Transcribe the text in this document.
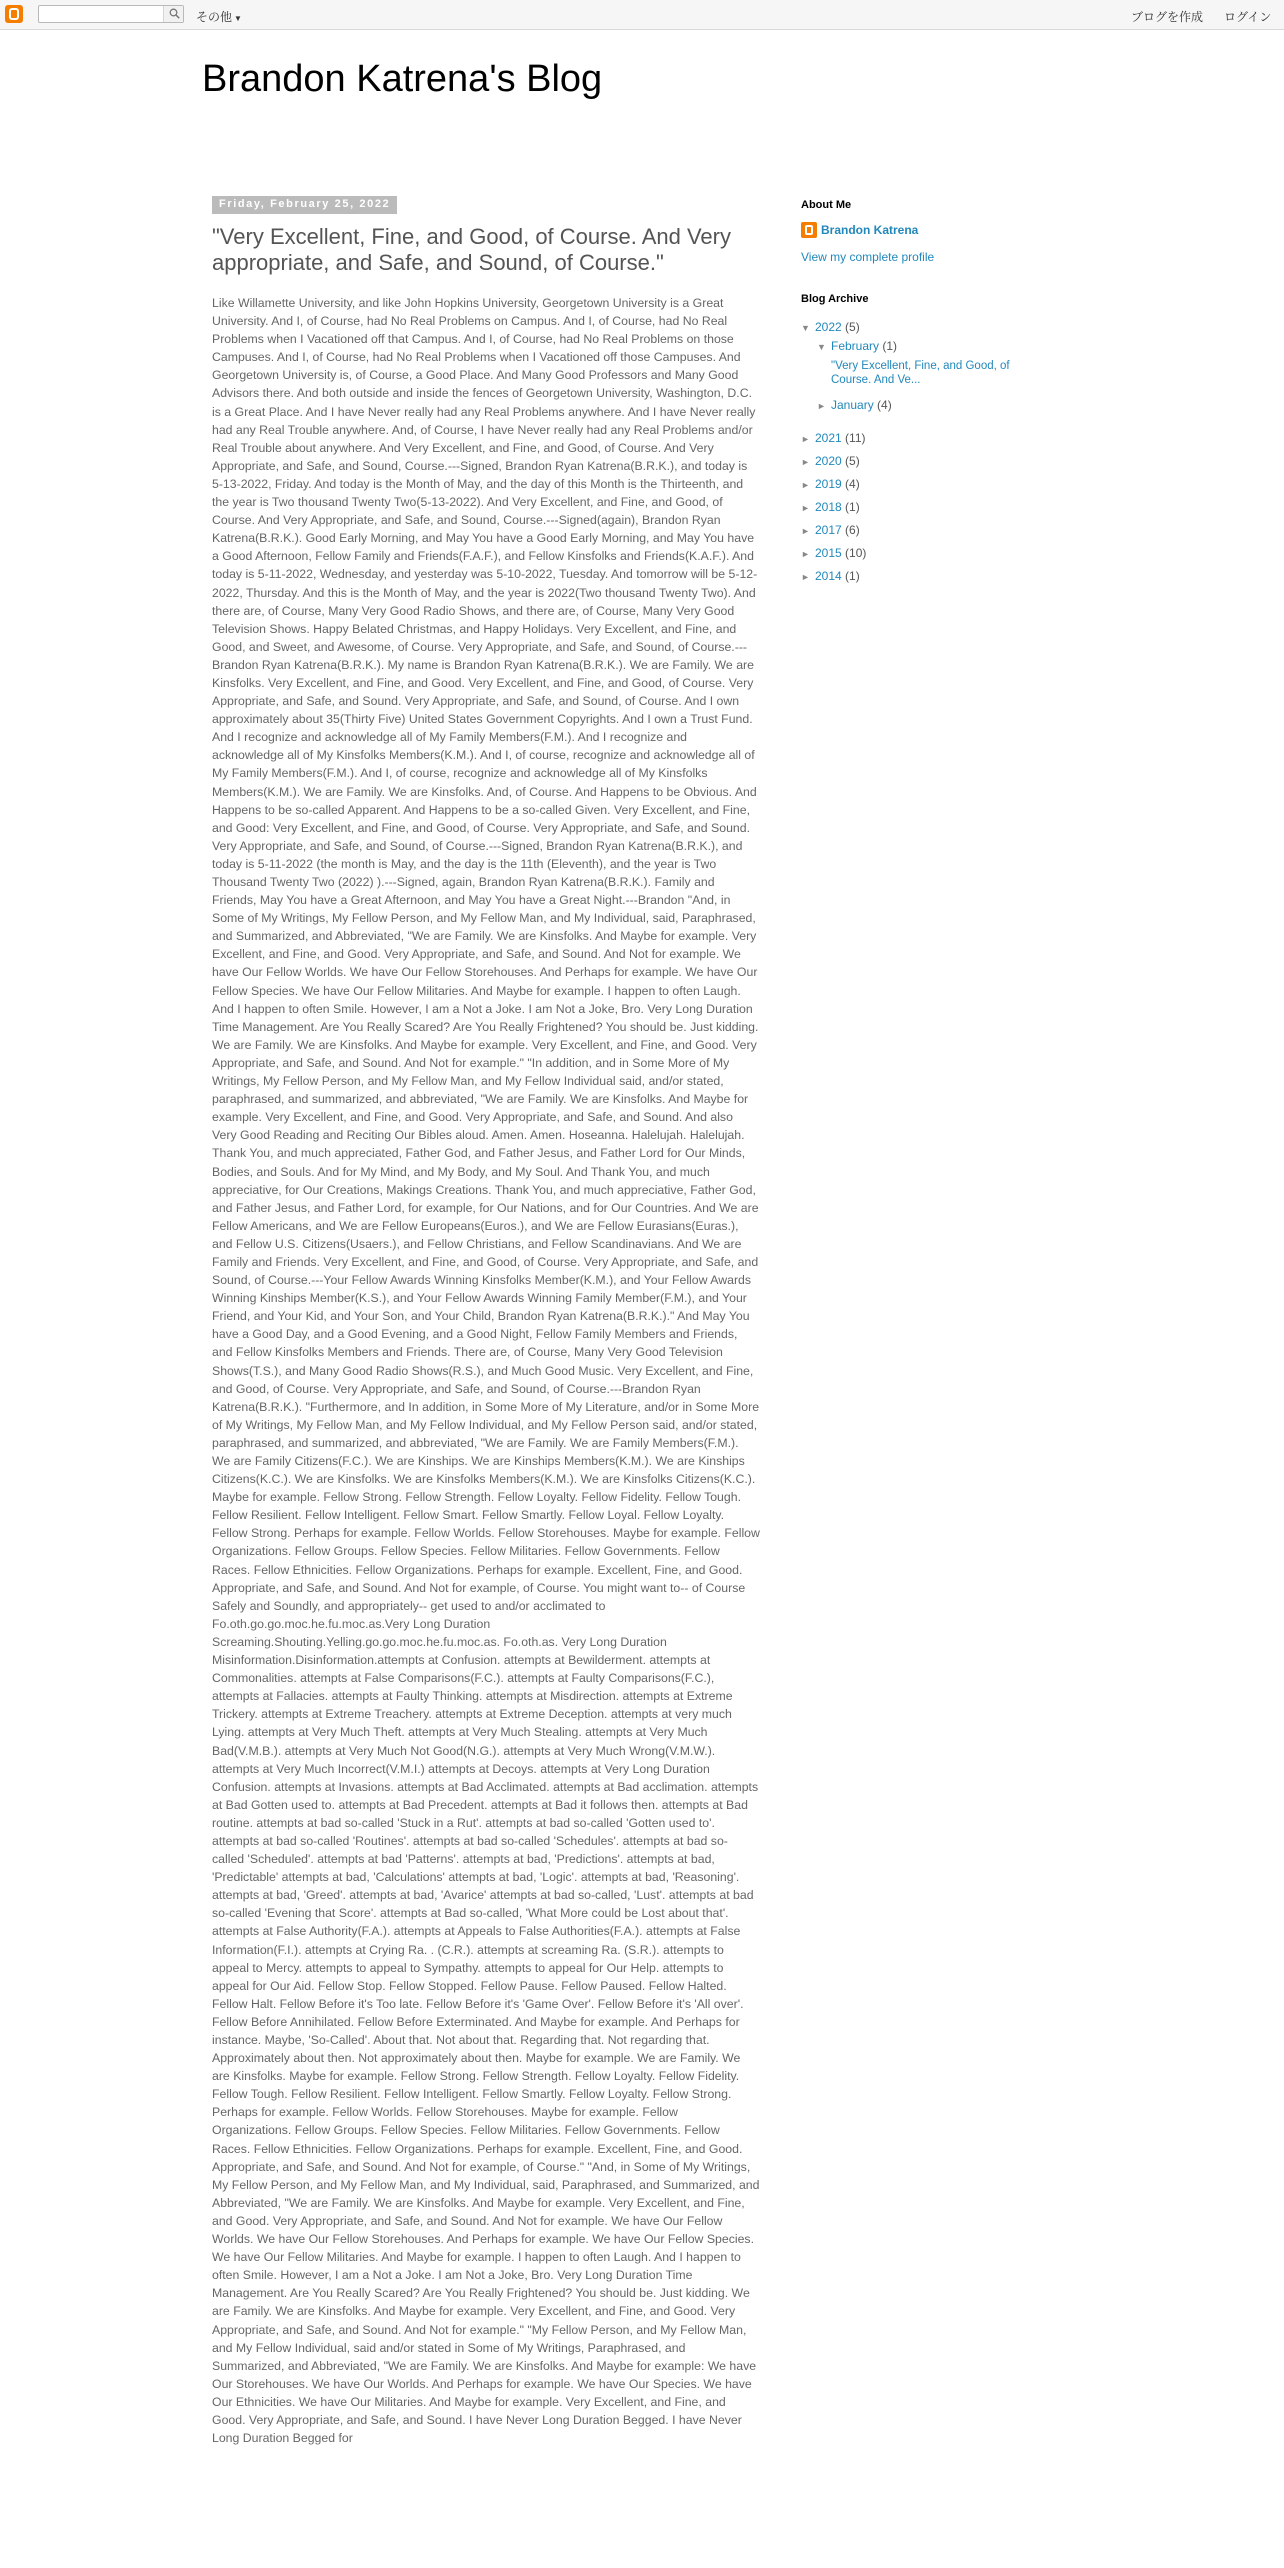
その他 ▼	ブログを作成 ログイン
Brandon Katrena's Blog
Friday, February 25, 2022
"Very Excellent, Fine, and Good, of Course. And Very appropriate, and Safe, and Sound, of Course."
Like Willamette University, and like John Hopkins University, Georgetown University is a Great University. And I, of Course, had No Real Problems on Campus. And I, of Course, had No Real Problems when I Vacationed off that Campus. And I, of Course, had No Real Problems on those Campuses. And I, of Course, had No Real Problems when I Vacationed off those Campuses. And Georgetown University is, of Course, a Good Place. And Many Good Professors and Many Good Advisors there. And both outside and inside the fences of Georgetown University, Washington, D.C. is a Great Place. And I have Never really had any Real Problems anywhere. And I have Never really had any Real Trouble anywhere. And, of Course, I have Never really had any Real Problems and/or Real Trouble about anywhere. And Very Excellent, and Fine, and Good, of Course. And Very Appropriate, and Safe, and Sound, Course.---Signed, Brandon Ryan Katrena(B.R.K.), and today is 5-13-2022, Friday. And today is the Month of May, and the day of this Month is the Thirteenth, and the year is Two thousand Twenty Two(5-13-2022). And Very Excellent, and Fine, and Good, of Course. And Very Appropriate, and Safe, and Sound, Course.---Signed(again), Brandon Ryan Katrena(B.R.K.). Good Early Morning, and May You have a Good Early Morning, and May You have a Good Afternoon, Fellow Family and Friends(F.A.F.), and Fellow Kinsfolks and Friends(K.A.F.). And today is 5-11-2022, Wednesday, and yesterday was 5-10-2022, Tuesday. And tomorrow will be 5-12-2022, Thursday. And this is the Month of May, and the year is 2022(Two thousand Twenty Two). And there are, of Course, Many Very Good Radio Shows, and there are, of Course, Many Very Good Television Shows. Happy Belated Christmas, and Happy Holidays. Very Excellent, and Fine, and Good, and Sweet, and Awesome, of Course. Very Appropriate, and Safe, and Sound, of Course.---Brandon Ryan Katrena(B.R.K.). My name is Brandon Ryan Katrena(B.R.K.). We are Family. We are Kinsfolks. Very Excellent, and Fine, and Good. Very Excellent, and Fine, and Good, of Course. Very Appropriate, and Safe, and Sound. Very Appropriate, and Safe, and Sound, of Course. And I own approximately about 35(Thirty Five) United States Government Copyrights. And I own a Trust Fund. And I recognize and acknowledge all of My Family Members(F.M.). And I recognize and acknowledge all of My Kinsfolks Members(K.M.). And I, of course, recognize and acknowledge all of My Family Members(F.M.). And I, of course, recognize and acknowledge all of My Kinsfolks Members(K.M.). We are Family. We are Kinsfolks. And, of Course. And Happens to be Obvious. And Happens to be so-called Apparent. And Happens to be a so-called Given. Very Excellent, and Fine, and Good: Very Excellent, and Fine, and Good, of Course. Very Appropriate, and Safe, and Sound. Very Appropriate, and Safe, and Sound, of Course.---Signed, Brandon Ryan Katrena(B.R.K.), and today is 5-11-2022 (the month is May, and the day is the 11th (Eleventh), and the year is Two Thousand Twenty Two (2022) ).---Signed, again, Brandon Ryan Katrena(B.R.K.). Family and Friends, May You have a Great Afternoon, and May You have a Great Night.---Brandon "And, in Some of My Writings, My Fellow Person, and My Fellow Man, and My Individual, said, Paraphrased, and Summarized, and Abbreviated, "We are Family. We are Kinsfolks. And Maybe for example. Very Excellent, and Fine, and Good. Very Appropriate, and Safe, and Sound. And Not for example. We have Our Fellow Worlds. We have Our Fellow Storehouses. And Perhaps for example. We have Our Fellow Species. We have Our Fellow Militaries. And Maybe for example. I happen to often Laugh. And I happen to often Smile. However, I am a Not a Joke. I am Not a Joke, Bro. Very Long Duration Time Management. Are You Really Scared? Are You Really Frightened? You should be. Just kidding. We are Family. We are Kinsfolks. And Maybe for example. Very Excellent, and Fine, and Good. Very Appropriate, and Safe, and Sound. And Not for example." "In addition, and in Some More of My Writings, My Fellow Person, and My Fellow Man, and My Fellow Individual said, and/or stated, paraphrased, and summarized, and abbreviated, "We are Family. We are Kinsfolks. And Maybe for example. Very Excellent, and Fine, and Good. Very Appropriate, and Safe, and Sound. And also Very Good Reading and Reciting Our Bibles aloud. Amen. Amen. Hoseanna. Halelujah. Halelujah. Thank You, and much appreciated, Father God, and Father Jesus, and Father Lord for Our Minds, Bodies, and Souls. And for My Mind, and My Body, and My Soul. And Thank You, and much appreciative, for Our Creations, Makings Creations. Thank You, and much appreciative, Father God, and Father Jesus, and Father Lord, for example, for Our Nations, and for Our Countries. And We are Fellow Americans, and We are Fellow Europeans(Euros.), and We are Fellow Eurasians(Euras.), and Fellow U.S. Citizens(Usaers.), and Fellow Christians, and Fellow Scandinavians. And We are Family and Friends. Very Excellent, and Fine, and Good, of Course. Very Appropriate, and Safe, and Sound, of Course.---Your Fellow Awards Winning Kinsfolks Member(K.M.), and Your Fellow Awards Winning Kinships Member(K.S.), and Your Fellow Awards Winning Family Member(F.M.), and Your Friend, and Your Kid, and Your Son, and Your Child, Brandon Ryan Katrena(B.R.K.)." And May You have a Good Day, and a Good Evening, and a Good Night, Fellow Family Members and Friends, and Fellow Kinsfolks Members and Friends. There are, of Course, Many Very Good Television Shows(T.S.), and Many Good Radio Shows(R.S.), and Much Good Music. Very Excellent, and Fine, and Good, of Course. Very Appropriate, and Safe, and Sound, of Course.---Brandon Ryan Katrena(B.R.K.). "Furthermore, and In addition, in Some More of My Literature, and/or in Some More of My Writings, My Fellow Man, and My Fellow Individual, and My Fellow Person said, and/or stated, paraphrased, and summarized, and abbreviated, "We are Family. We are Family Members(F.M.). We are Family Citizens(F.C.). We are Kinships. We are Kinships Members(K.M.). We are Kinships Citizens(K.C.). We are Kinsfolks. We are Kinsfolks Members(K.M.). We are Kinsfolks Citizens(K.C.). Maybe for example. Fellow Strong. Fellow Strength. Fellow Loyalty. Fellow Fidelity. Fellow Tough. Fellow Resilient. Fellow Intelligent. Fellow Smart. Fellow Smartly. Fellow Loyal. Fellow Loyalty. Fellow Strong. Perhaps for example. Fellow Worlds. Fellow Storehouses. Maybe for example. Fellow Organizations. Fellow Groups. Fellow Species. Fellow Militaries. Fellow Governments. Fellow Races. Fellow Ethnicities. Fellow Organizations. Perhaps for example. Excellent, Fine, and Good. Appropriate, and Safe, and Sound. And Not for example, of Course. You might want to-- of Course Safely and Soundly, and appropriately-- get used to and/or acclimated to Fo.oth.go.go.moc.he.fu.moc.as.Very Long Duration Screaming.Shouting.Yelling.go.go.moc.he.fu.moc.as. Fo.oth.as. Very Long Duration Misinformation.Disinformation.attempts at Confusion. attempts at Bewilderment. attempts at Commonalities. attempts at False Comparisons(F.C.). attempts at Faulty Comparisons(F.C.), attempts at Fallacies. attempts at Faulty Thinking. attempts at Misdirection. attempts at Extreme Trickery. attempts at Extreme Treachery. attempts at Extreme Deception. attempts at very much Lying. attempts at Very Much Theft. attempts at Very Much Stealing. attempts at Very Much Bad(V.M.B.). attempts at Very Much Not Good(N.G.). attempts at Very Much Wrong(V.M.W.). attempts at Very Much Incorrect(V.M.I.) attempts at Decoys. attempts at Very Long Duration Confusion. attempts at Invasions. attempts at Bad Acclimated. attempts at Bad acclimation. attempts at Bad Gotten used to. attempts at Bad Precedent. attempts at Bad it follows then. attempts at Bad routine. attempts at bad so-called 'Stuck in a Rut'. attempts at bad so-called 'Gotten used to'. attempts at bad so-called 'Routines'. attempts at bad so-called 'Schedules'. attempts at bad so-called 'Scheduled'. attempts at bad 'Patterns'. attempts at bad, 'Predictions'. attempts at bad, 'Predictable' attempts at bad, 'Calculations' attempts at bad, 'Logic'. attempts at bad, 'Reasoning'. attempts at bad, 'Greed'. attempts at bad, 'Avarice' attempts at bad so-called, 'Lust'. attempts at bad so-called 'Evening that Score'. attempts at Bad so-called, 'What More could be Lost about that'. attempts at False Authority(F.A.). attempts at Appeals to False Authorities(F.A.). attempts at False Information(F.I.). attempts at Crying Ra. . (C.R.). attempts at screaming Ra. (S.R.). attempts to appeal to Mercy. attempts to appeal to Sympathy. attempts to appeal for Our Help. attempts to appeal for Our Aid. Fellow Stop. Fellow Stopped. Fellow Pause. Fellow Paused. Fellow Halted. Fellow Halt. Fellow Before it's Too late. Fellow Before it's 'Game Over'. Fellow Before it's 'All over'. Fellow Before Annihilated. Fellow Before Exterminated. And Maybe for example. And Perhaps for instance. Maybe, 'So-Called'. About that. Not about that. Regarding that. Not regarding that. Approximately about then. Not approximately about then. Maybe for example. We are Family. We are Kinsfolks. Maybe for example. Fellow Strong. Fellow Strength. Fellow Loyalty. Fellow Fidelity. Fellow Tough. Fellow Resilient. Fellow Intelligent. Fellow Smartly. Fellow Loyalty. Fellow Strong. Perhaps for example. Fellow Worlds. Fellow Storehouses. Maybe for example. Fellow Organizations. Fellow Groups. Fellow Species. Fellow Militaries. Fellow Governments. Fellow Races. Fellow Ethnicities. Fellow Organizations. Perhaps for example. Excellent, Fine, and Good. Appropriate, and Safe, and Sound. And Not for example, of Course." "And, in Some of My Writings, My Fellow Person, and My Fellow Man, and My Individual, said, Paraphrased, and Summarized, and Abbreviated, "We are Family. We are Kinsfolks. And Maybe for example. Very Excellent, and Fine, and Good. Very Appropriate, and Safe, and Sound. And Not for example. We have Our Fellow Worlds. We have Our Fellow Storehouses. And Perhaps for example. We have Our Fellow Species. We have Our Fellow Militaries. And Maybe for example. I happen to often Laugh. And I happen to often Smile. However, I am a Not a Joke. I am Not a Joke, Bro. Very Long Duration Time Management. Are You Really Scared? Are You Really Frightened? You should be. Just kidding. We are Family. We are Kinsfolks. And Maybe for example. Very Excellent, and Fine, and Good. Very Appropriate, and Safe, and Sound. And Not for example." "My Fellow Person, and My Fellow Man, and My Fellow Individual, said and/or stated in Some of My Writings, Paraphrased, and Summarized, and Abbreviated, "We are Family. We are Kinsfolks. And Maybe for example: We have Our Storehouses. We have Our Worlds. And Perhaps for example. We have Our Species. We have Our Ethnicities. We have Our Militaries. And Maybe for example. Very Excellent, and Fine, and Good. Very Appropriate, and Safe, and Sound. I have Never Long Duration Begged. I have Never Long Duration Begged for
About Me
Brandon Katrena
View my complete profile
Blog Archive
▼ 2022 (5)
▼ February (1)
"Very Excellent, Fine, and Good, of Course. And Ve...
► January (4)
► 2021 (11)
► 2020 (5)
► 2019 (4)
► 2018 (1)
► 2017 (6)
► 2015 (10)
► 2014 (1)
